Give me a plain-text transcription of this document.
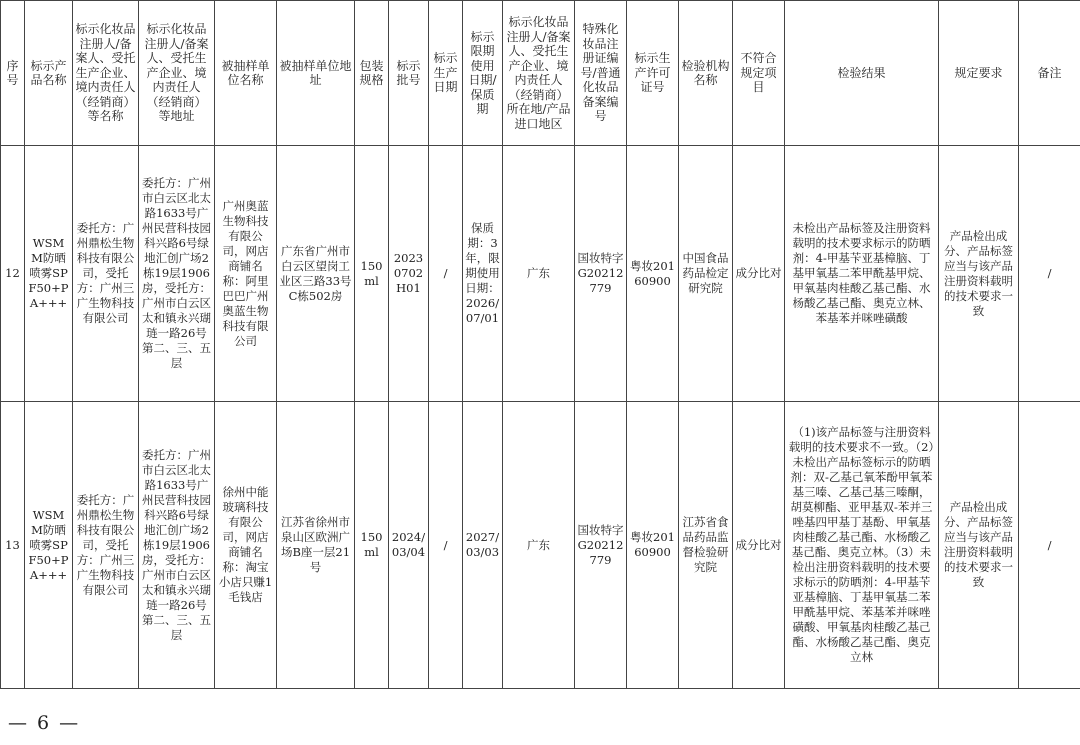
序号	标示产品名称	标示化妆品注册人/备案人、受托生产企业、境内责任人（经销商）等名称	标示化妆品注册人/备案人、受托生产企业、境内责任人（经销商）等地址	被抽样单位名称	被抽样单位地址	包装规格	标示批号	标示生产日期	标示限期使用日期/保质期	标示化妆品注册人/备案人、受托生产企业、境内责任人（经销商）所在地/产品进口地区	特殊化妆品注册证编号/普通化妆品备案编号	标示生产许可证号	检验机构名称	不符合规定项目	检验结果	规定要求	备注
12	WSMM防晒喷雾SPF50+PA+++	委托方：广州鼎松生物科技有限公司，受托方：广州三广生物科技有限公司	委托方：广州市白云区北太路1633号广州民营科技园科兴路6号绿地汇创广场2栋19层1906房，受托方：广州市白云区太和镇永兴瑚琏一路26号第二、三、五层	广州奥蓝生物科技有限公司，网店商铺名称：阿里巴巴广州奥蓝生物科技有限公司	广东省广州市白云区望岗工业区三路33号C栋502房	150ml	20230702H01	/	保质期：3年，限期使用日期：2026/07/01	广东	国妆特字G20212779	粤妆20160900	中国食品药品检定研究院	成分比对	未检出产品标签及注册资料载明的技术要求标示的防晒剂：4-甲基苄亚基樟脑、丁基甲氧基二苯甲酰基甲烷、甲氧基肉桂酸乙基己酯、水杨酸乙基己酯、奥克立林、苯基苯并咪唑磺酸	产品检出成分、产品标签应当与该产品注册资料载明的技术要求一致	/
13	WSMM防晒喷雾SPF50+PA+++	委托方：广州鼎松生物科技有限公司，受托方：广州三广生物科技有限公司	委托方：广州市白云区北太路1633号广州民营科技园科兴路6号绿地汇创广场2栋19层1906房，受托方：广州市白云区太和镇永兴瑚琏一路26号第二、三、五层	徐州中能玻璃科技有限公司，网店商铺名称：淘宝小店只赚1毛钱店	江苏省徐州市泉山区欧洲广场B座一层21号	150ml	2024/03/04	/	2027/03/03	广东	国妆特字G20212779	粤妆20160900	江苏省食品药品监督检验研究院	成分比对	（1)该产品标签与注册资料载明的技术要求不一致。（2）未检出产品标签标示的防晒剂：双-乙基己氧苯酚甲氧苯基三嗪、乙基己基三嗪酮，胡莫柳酯、亚甲基双-苯并三唑基四甲基丁基酚、甲氧基肉桂酸乙基己酯、水杨酸乙基己酯、奥克立林。（3）未检出注册资料载明的技术要求标示的防晒剂：4-甲基苄亚基樟脑、丁基甲氧基二苯甲酰基甲烷、苯基苯并咪唑磺酸、甲氧基肉桂酸乙基己酯、水杨酸乙基己酯、奥克立林	产品检出成分、产品标签应当与该产品注册资料载明的技术要求一致	/
— 6 —
